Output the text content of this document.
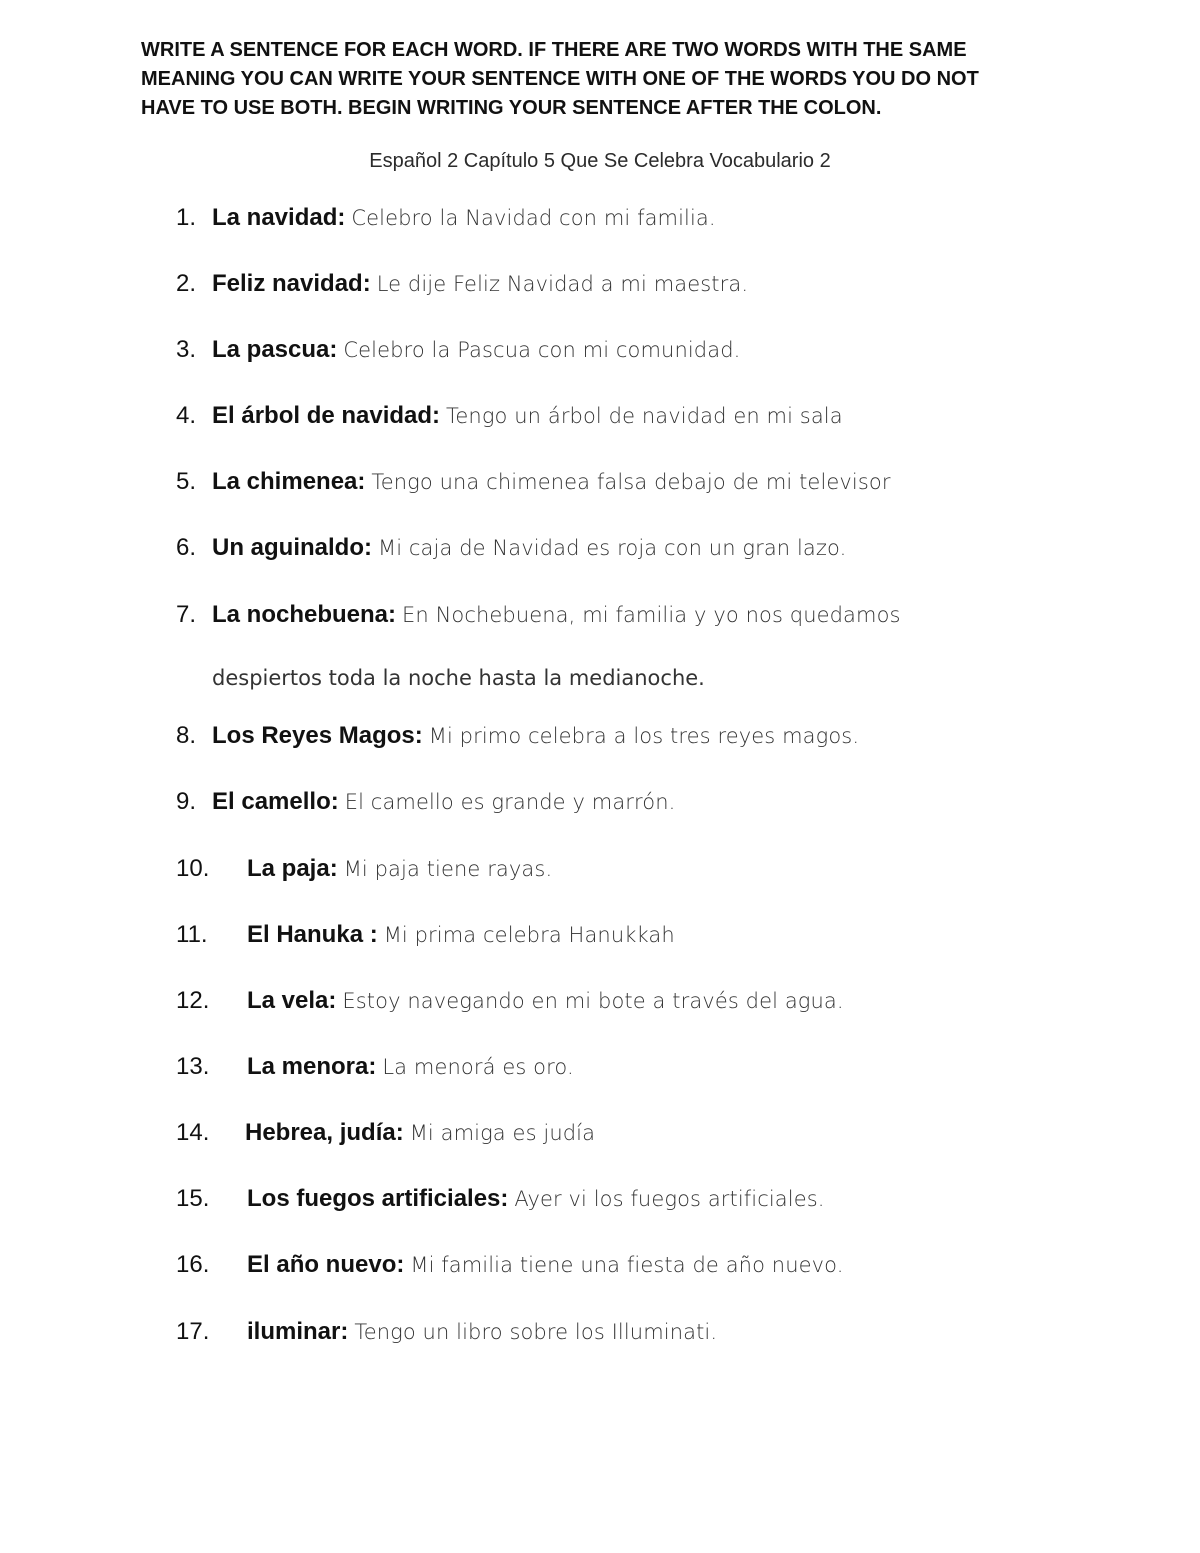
WRITE A SENTENCE FOR EACH WORD. IF THERE ARE TWO WORDS WITH THE SAME
MEANING YOU CAN WRITE YOUR SENTENCE WITH ONE OF THE WORDS YOU DO NOT
HAVE TO USE BOTH. BEGIN WRITING YOUR SENTENCE AFTER THE COLON.
Español 2 Capítulo 5 Que Se Celebra Vocabulario 2
1. La navidad: Celebro la Navidad con mi familia.
2. Feliz navidad: Le dije Feliz Navidad a mi maestra.
3. La pascua: Celebro la Pascua con mi comunidad.
4. El árbol de navidad: Tengo un árbol de navidad en mi sala
5. La chimenea: Tengo una chimenea falsa debajo de mi televisor
6. Un aguinaldo: Mi caja de Navidad es roja con un gran lazo.
7. La nochebuena: En Nochebuena, mi familia y yo nos quedamos
8. Los Reyes Magos: Mi primo celebra a los tres reyes magos.
9. El camello: El camello es grande y marrón.
10. La paja: Mi paja tiene rayas.
11. El Hanuka : Mi prima celebra Hanukkah
12. La vela: Estoy navegando en mi bote a través del agua.
13. La menora: La menorá es oro.
14. Hebrea, judía: Mi amiga es judía
15. Los fuegos artificiales: Ayer vi los fuegos artificiales.
16. El año nuevo: Mi familia tiene una fiesta de año nuevo.
17. iluminar: Tengo un libro sobre los Illuminati.
despiertos toda la noche hasta la medianoche.
